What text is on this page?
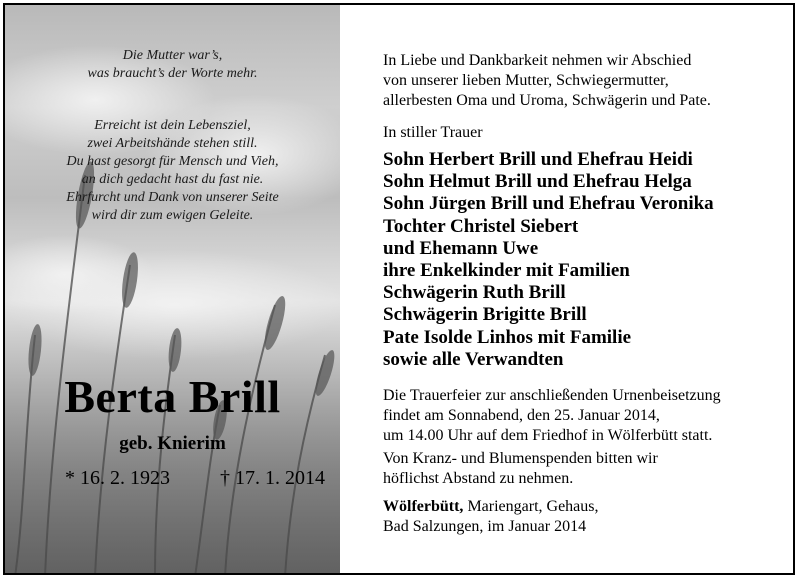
Die Mutter war’s,
was braucht’s der Worte mehr.
Erreicht ist dein Lebensziel,
zwei Arbeitshände stehen still.
Du hast gesorgt für Mensch und Vieh,
an dich gedacht hast du fast nie.
Ehrfurcht und Dank von unserer Seite
wird dir zum ewigen Geleite.
Berta Brill
geb. Knierim
* 16. 2. 1923	† 17. 1. 2014
In Liebe und Dankbarkeit nehmen wir Abschied
von unserer lieben Mutter, Schwiegermutter,
allerbesten Oma und Uroma, Schwägerin und Pate.
In stiller Trauer
Sohn Herbert Brill und Ehefrau Heidi
Sohn Helmut Brill und Ehefrau Helga
Sohn Jürgen Brill und Ehefrau Veronika
Tochter Christel Siebert
und Ehemann Uwe
ihre Enkelkinder mit Familien
Schwägerin Ruth Brill
Schwägerin Brigitte Brill
Pate Isolde Linhos mit Familie
sowie alle Verwandten
Die Trauerfeier zur anschließenden Urnenbeisetzung
findet am Sonnabend, den 25. Januar 2014,
um 14.00 Uhr auf dem Friedhof in Wölferbütt statt.
Von Kranz- und Blumenspenden bitten wir
höflichst Abstand zu nehmen.
Wölferbütt, Mariengart, Gehaus,
Bad Salzungen, im Januar 2014
